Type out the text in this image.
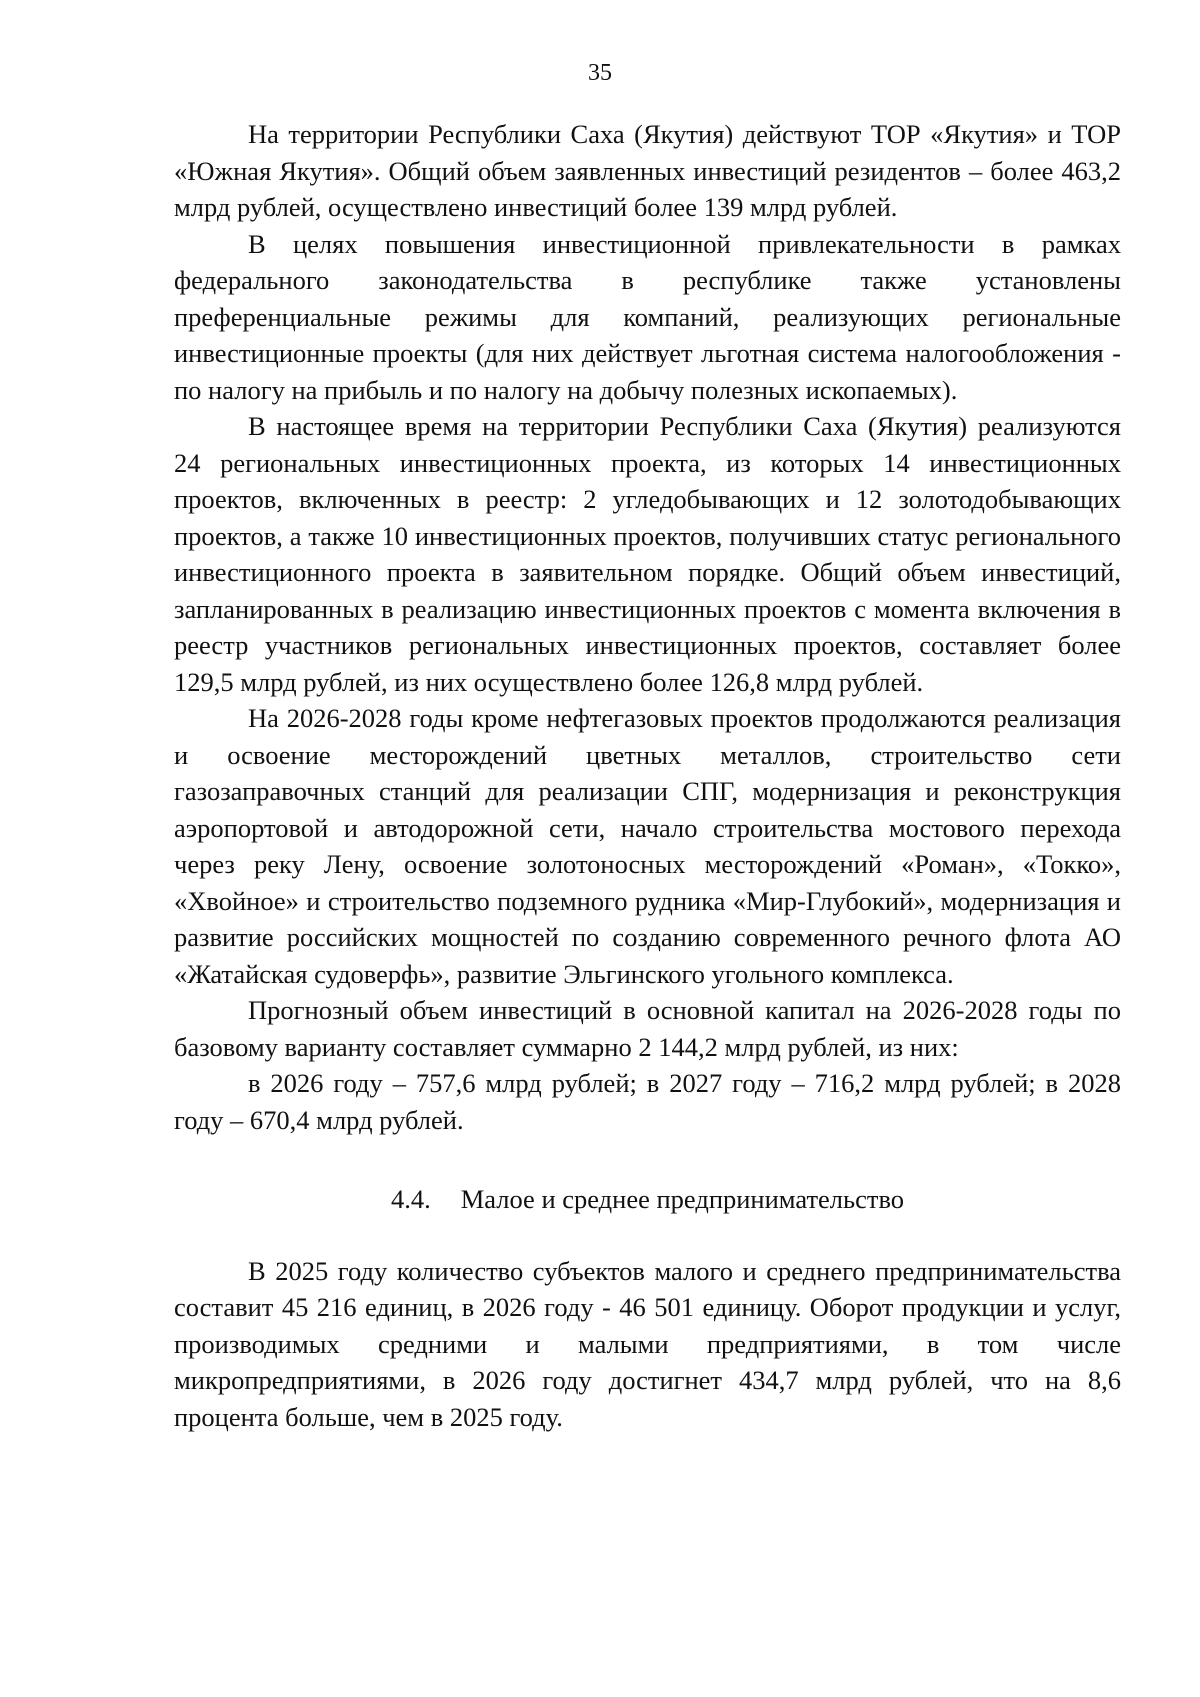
35

На территории Республики Саха (Якутия) действуют ТОР «Якутия» и ТОР «Южная Якутия». Общий объем заявленных инвестиций резидентов – более 463,2 млрд рублей, осуществлено инвестиций более 139 млрд рублей.

В целях повышения инвестиционной привлекательности в рамках федерального законодательства в республике также установлены преференциальные режимы для компаний, реализующих региональные инвестиционные проекты (для них действует льготная система налогообложения - по налогу на прибыль и по налогу на добычу полезных ископаемых).

В настоящее время на территории Республики Саха (Якутия) реализуются 24 региональных инвестиционных проекта, из которых 14 инвестиционных проектов, включенных в реестр: 2 угледобывающих и 12 золотодобывающих проектов, а также 10 инвестиционных проектов, получивших статус регионального инвестиционного проекта в заявительном порядке. Общий объем инвестиций, запланированных в реализацию инвестиционных проектов с момента включения в реестр участников региональных инвестиционных проектов, составляет более 129,5 млрд рублей, из них осуществлено более 126,8 млрд рублей.

На 2026-2028 годы кроме нефтегазовых проектов продолжаются реализация и освоение месторождений цветных металлов, строительство сети газозаправочных станций для реализации СПГ, модернизация и реконструкция аэропортовой и автодорожной сети, начало строительства мостового перехода через реку Лену, освоение золотоносных месторождений «Роман», «Токко», «Хвойное» и строительство подземного рудника «Мир-Глубокий», модернизация и развитие российских мощностей по созданию современного речного флота АО «Жатайская судоверфь», развитие Эльгинского угольного комплекса.

Прогнозный объем инвестиций в основной капитал на 2026-2028 годы по базовому варианту составляет суммарно 2 144,2 млрд рублей, из них:

в 2026 году – 757,6 млрд рублей; в 2027 году – 716,2 млрд рублей; в 2028 году – 670,4 млрд рублей.

4.4. Малое и среднее предпринимательство

В 2025 году количество субъектов малого и среднего предпринимательства составит 45 216 единиц, в 2026 году - 46 501 единицу. Оборот продукции и услуг, производимых средними и малыми предприятиями, в том числе микропредприятиями, в 2026 году достигнет 434,7 млрд рублей, что на 8,6 процента больше, чем в 2025 году.
